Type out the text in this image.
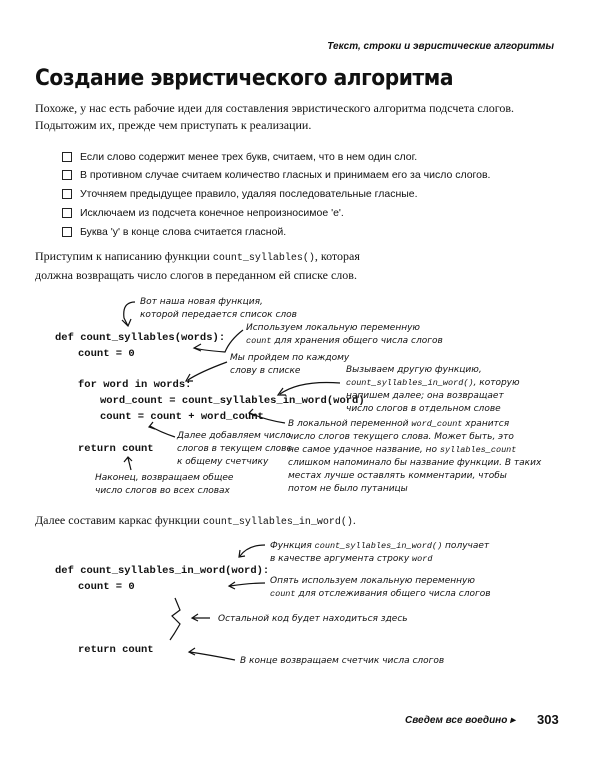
Текст, строки и эвристические алгоритмы
Создание эвристического алгоритма
Похоже, у нас есть рабочие идеи для составления эвристического алгоритма подсчета слогов. Подытожим их, прежде чем приступать к реализации.
Если слово содержит менее трех букв, считаем, что в нем один слог.
В противном случае считаем количество гласных и принимаем его за число слогов.
Уточняем предыдущее правило, удаляя последовательные гласные.
Исключаем из подсчета конечное непроизносимое 'e'.
Буква 'y' в конце слова считается гласной.
Приступим к написанию функции count_syllables(), которая должна возвращать число слогов в переданном ей списке слов.
def count_syllables(words):
count = 0
for word in words:
word_count = count_syllables_in_word(word)
count = count + word_count
return count
Вот наша новая функция,
которой передается список слов
Используем локальную переменную
count для хранения общего числа слогов
Мы пройдем по каждому
слову в списке	Вызываем другую функцию,
count_syllables_in_word(), которую
напишем далее; она возвращает
число слогов в отдельном слове
В локальной переменной word_count хранится
число слогов текущего слова. Может быть, это
не самое удачное название, но syllables_count
слишком напоминало бы название функции. В таких
местах лучше оставлять комментарии, чтобы
потом не было путаницы
Далее добавляем число
слогов в текущем слове
к общему счетчику
Наконец, возвращаем общее
число слогов во всех словах
Далее составим каркас функции count_syllables_in_word().
def count_syllables_in_word(word):
count = 0
return count
Функция count_syllables_in_word() получает
в качестве аргумента строку word
Опять используем локальную переменную
count для отслеживания общего числа слогов
Остальной код будет находиться здесь
В конце возвращаем счетчик числа слогов
Сведем все воедино ▸ 303
